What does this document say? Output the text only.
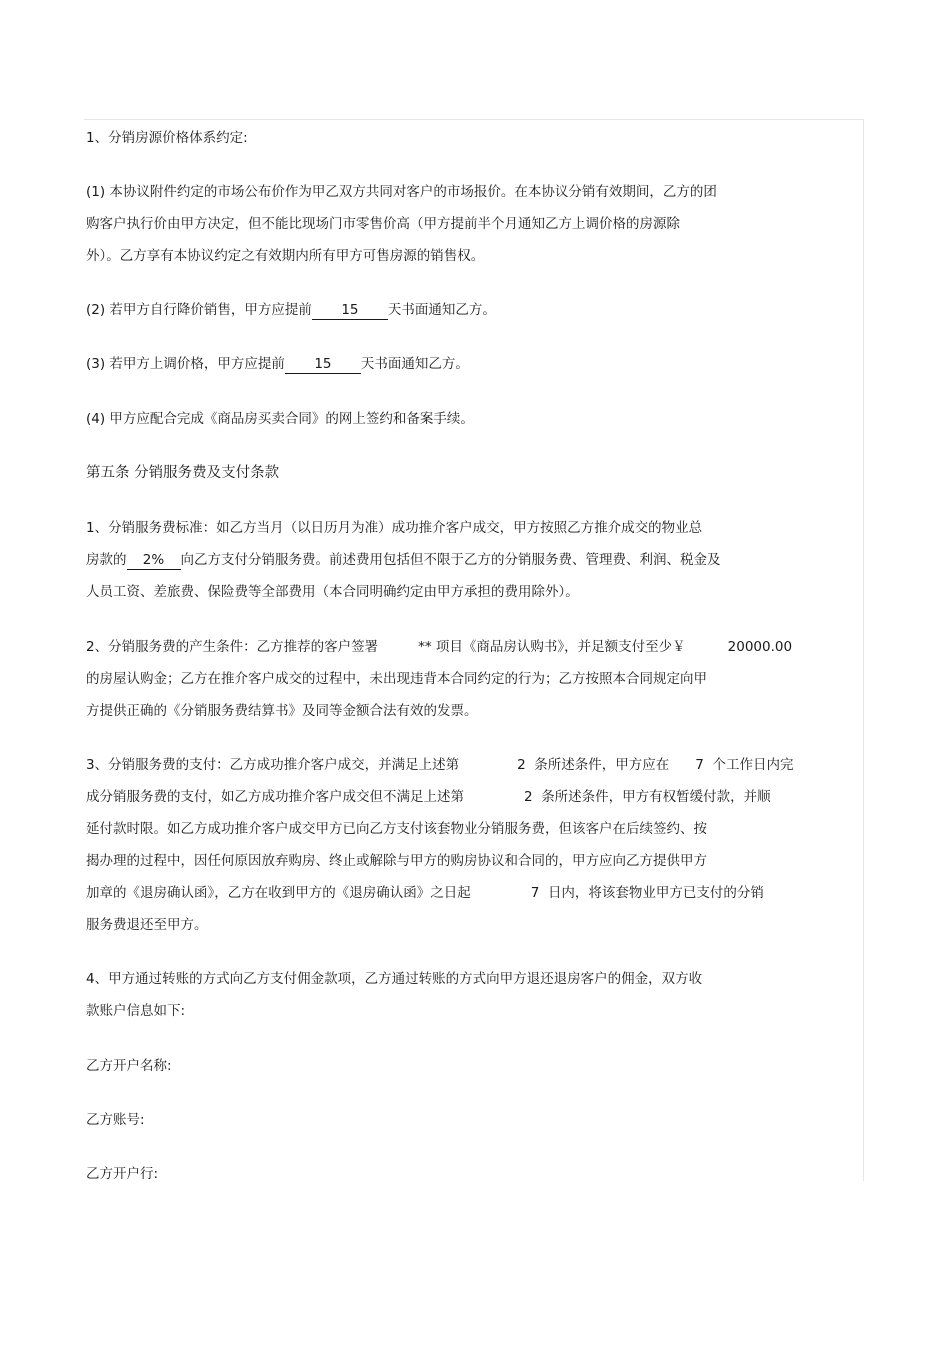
1、分销房源价格体系约定:
(1) 本协议附件约定的市场公布价作为甲乙双方共同对客户的市场报价。在本协议分销有效期间，乙方的团
购客户执行价由甲方决定，但不能比现场门市零售价高（甲方提前半个月通知乙方上调价格的房源除
外）。乙方享有本协议约定之有效期内所有甲方可售房源的销售权。
(2) 若甲方自行降价销售，甲方应提前 15 天书面通知乙方。
(3) 若甲方上调价格，甲方应提前 15 天书面通知乙方。
(4) 甲方应配合完成《商品房买卖合同》的网上签约和备案手续。
第五条 分销服务费及支付条款
1、分销服务费标准：如乙方当月（以日历月为准）成功推介客户成交，甲方按照乙方推介成交的物业总
房款的 2% 向乙方支付分销服务费。前述费用包括但不限于乙方的分销服务费、管理费、利润、税金及
人员工资、差旅费、保险费等全部费用（本合同明确约定由甲方承担的费用除外）。
2、分销服务费的产生条件：乙方推荐的客户签署	** 项目《商品房认购书》，并足额支付至少￥	20000.00
的房屋认购金；乙方在推介客户成交的过程中，未出现违背本合同约定的行为；乙方按照本合同规定向甲
方提供正确的《分销服务费结算书》及同等金额合法有效的发票。
3、分销服务费的支付：乙方成功推介客户成交，并满足上述第	2 条所述条件，甲方应在 7 个工作日内完
成分销服务费的支付，如乙方成功推介客户成交但不满足上述第	2 条所述条件，甲方有权暂缓付款，并顺
延付款时限。如乙方成功推介客户成交甲方已向乙方支付该套物业分销服务费，但该客户在后续签约、按
揭办理的过程中，因任何原因放弃购房、终止或解除与甲方的购房协议和合同的，甲方应向乙方提供甲方
加章的《退房确认函》，乙方在收到甲方的《退房确认函》之日起	7 日内，将该套物业甲方已支付的分销
服务费退还至甲方。
4、甲方通过转账的方式向乙方支付佣金款项，乙方通过转账的方式向甲方退还退房客户的佣金，双方收
款账户信息如下:
乙方开户名称:
乙方账号:
乙方开户行:
